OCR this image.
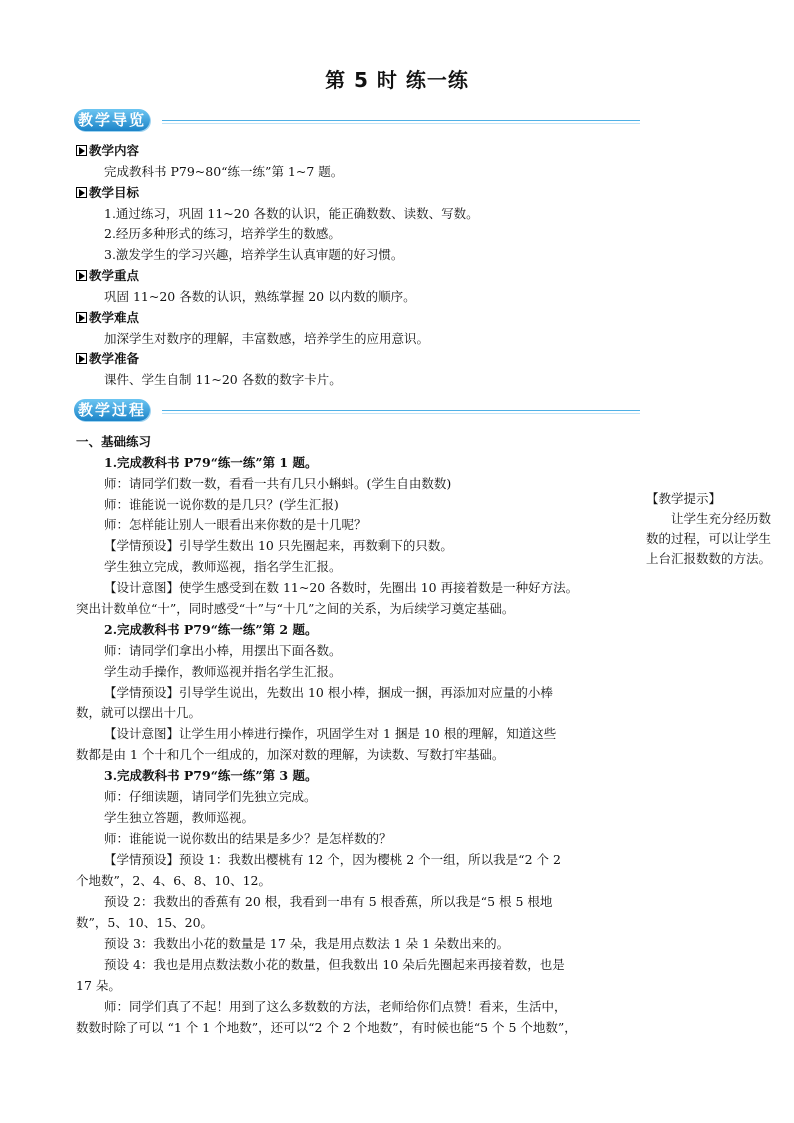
第 5 时 练一练
教学导览
教学内容
完成教科书 P79~80“练一练”第 1~7 题。
教学目标
1.通过练习，巩固 11~20 各数的认识，能正确数数、读数、写数。
2.经历多种形式的练习，培养学生的数感。
3.激发学生的学习兴趣，培养学生认真审题的好习惯。
教学重点
巩固 11~20 各数的认识，熟练掌握 20 以内数的顺序。
教学难点
加深学生对数序的理解，丰富数感，培养学生的应用意识。
教学准备
课件、学生自制 11~20 各数的数字卡片。
教学过程
一、基础练习
1.完成教科书 P79“练一练”第 1 题。
师：请同学们数一数，看看一共有几只小蝌蚪。(学生自由数数)
师：谁能说一说你数的是几只？(学生汇报)
师：怎样能让别人一眼看出来你数的是十几呢？
【学情预设】引导学生数出 10 只先圈起来，再数剩下的只数。
学生独立完成，教师巡视，指名学生汇报。
【设计意图】使学生感受到在数 11~20 各数时，先圈出 10 再接着数是一种好方法。
突出计数单位“十”，同时感受“十”与“十几”之间的关系，为后续学习奠定基础。
2.完成教科书 P79“练一练”第 2 题。
师：请同学们拿出小棒，用摆出下面各数。
学生动手操作，教师巡视并指名学生汇报。
【学情预设】引导学生说出，先数出 10 根小棒，捆成一捆，再添加对应量的小棒
数，就可以摆出十几。
【设计意图】让学生用小棒进行操作，巩固学生对 1 捆是 10 根的理解，知道这些
数都是由 1 个十和几个一组成的，加深对数的理解，为读数、写数打牢基础。
3.完成教科书 P79“练一练”第 3 题。
师：仔细读题，请同学们先独立完成。
学生独立答题，教师巡视。
师：谁能说一说你数出的结果是多少？是怎样数的？
【学情预设】预设 1：我数出樱桃有 12 个，因为樱桃 2 个一组，所以我是“2 个 2
个地数”，2、4、6、8、10、12。
预设 2：我数出的香蕉有 20 根，我看到一串有 5 根香蕉，所以我是“5 根 5 根地
数”，5、10、15、20。
预设 3：我数出小花的数量是 17 朵，我是用点数法 1 朵 1 朵数出来的。
预设 4：我也是用点数法数小花的数量，但我数出 10 朵后先圈起来再接着数，也是
17 朵。
师：同学们真了不起！用到了这么多数数的方法，老师给你们点赞！看来，生活中，
数数时除了可以 “1 个 1 个地数”，还可以“2 个 2 个地数”，有时候也能“5 个 5 个地数”，
【教学提示】

让学生充分经历数数的过程，可以让学生上台汇报数数的方法。
